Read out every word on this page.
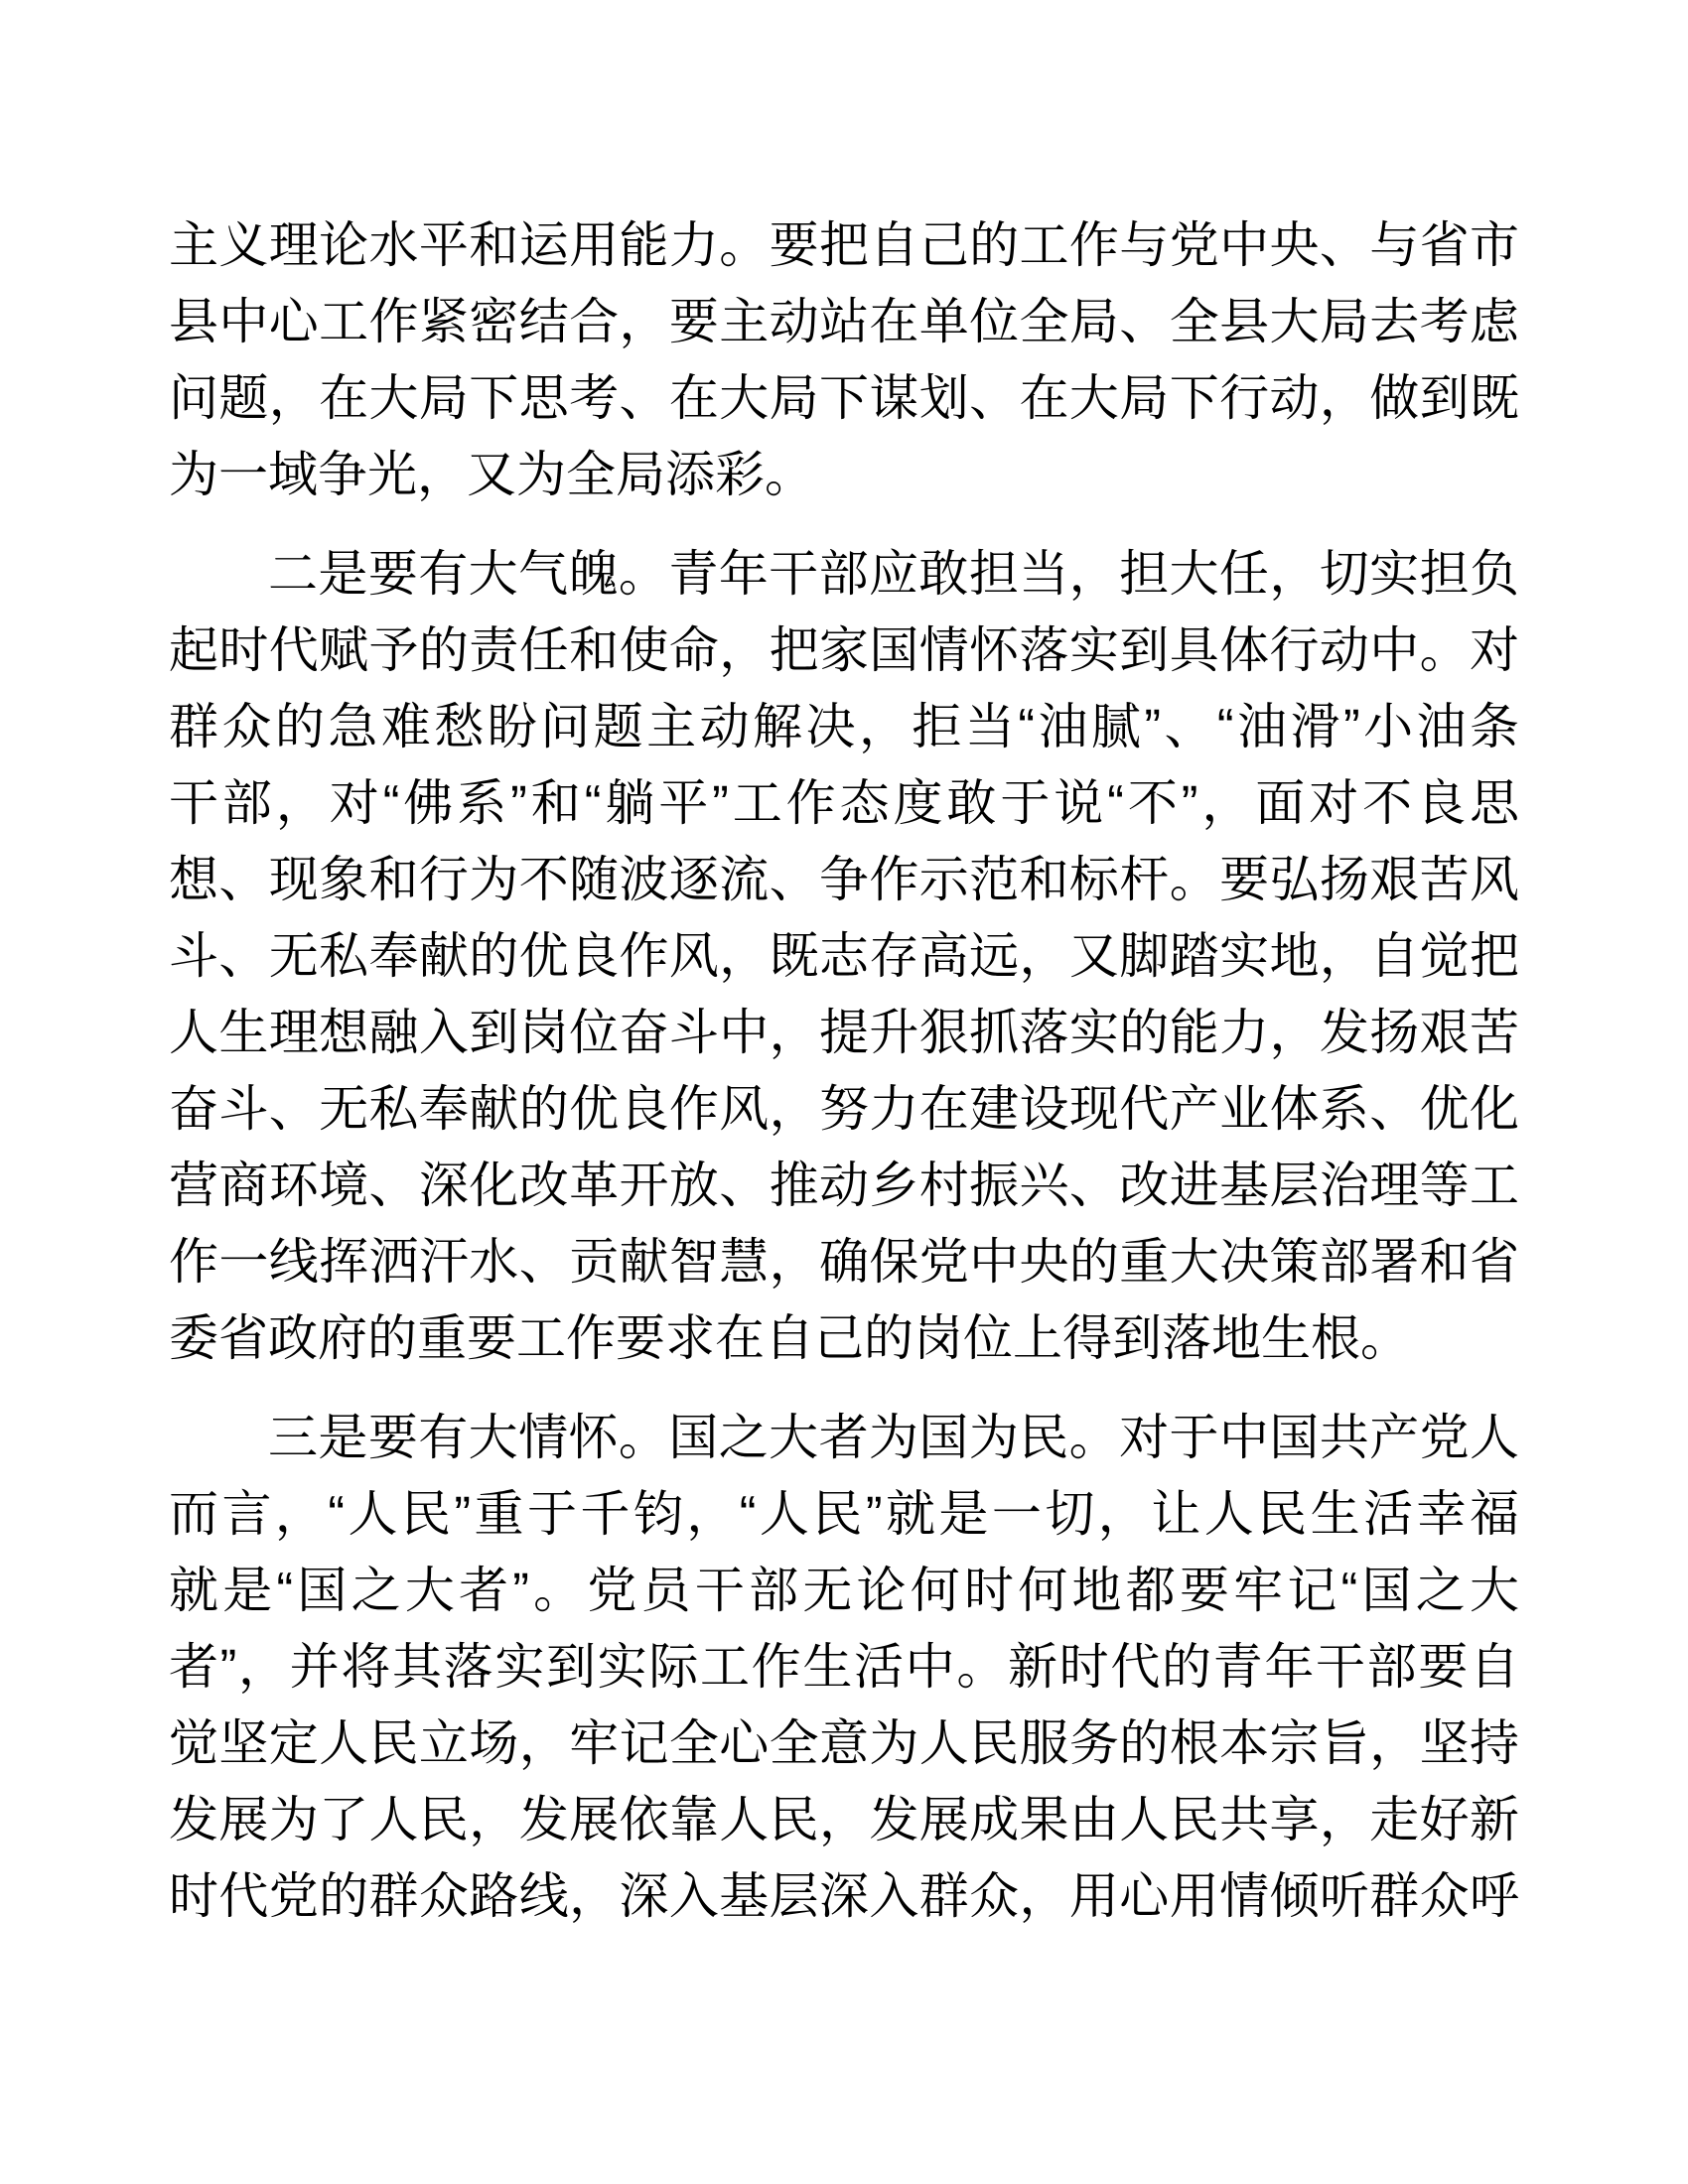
主义理论水平和运用能力。要把自己的工作与党中央、与省市
县中心工作紧密结合，要主动站在单位全局、全县大局去考虑
问题，在大局下思考、在大局下谋划、在大局下行动，做到既
为一域争光，又为全局添彩。
二是要有大气魄。青年干部应敢担当，担大任，切实担负
起时代赋予的责任和使命，把家国情怀落实到具体行动中。对
群众的急难愁盼问题主动解决，拒当“油腻”、“油滑”小油条
干部，对“佛系”和“躺平”工作态度敢于说“不”，面对不良思
想、现象和行为不随波逐流、争作示范和标杆。要弘扬艰苦风
斗、无私奉献的优良作风，既志存高远，又脚踏实地，自觉把
人生理想融入到岗位奋斗中，提升狠抓落实的能力，发扬艰苦
奋斗、无私奉献的优良作风，努力在建设现代产业体系、优化
营商环境、深化改革开放、推动乡村振兴、改进基层治理等工
作一线挥洒汗水、贡献智慧，确保党中央的重大决策部署和省
委省政府的重要工作要求在自己的岗位上得到落地生根。
三是要有大情怀。国之大者为国为民。对于中国共产党人
而言，“人民”重于千钧，“人民”就是一切，让人民生活幸福
就是“国之大者”。党员干部无论何时何地都要牢记“国之大
者”，并将其落实到实际工作生活中。新时代的青年干部要自
觉坚定人民立场，牢记全心全意为人民服务的根本宗旨，坚持
发展为了人民，发展依靠人民，发展成果由人民共享，走好新
时代党的群众路线，深入基层深入群众，用心用情倾听群众呼
